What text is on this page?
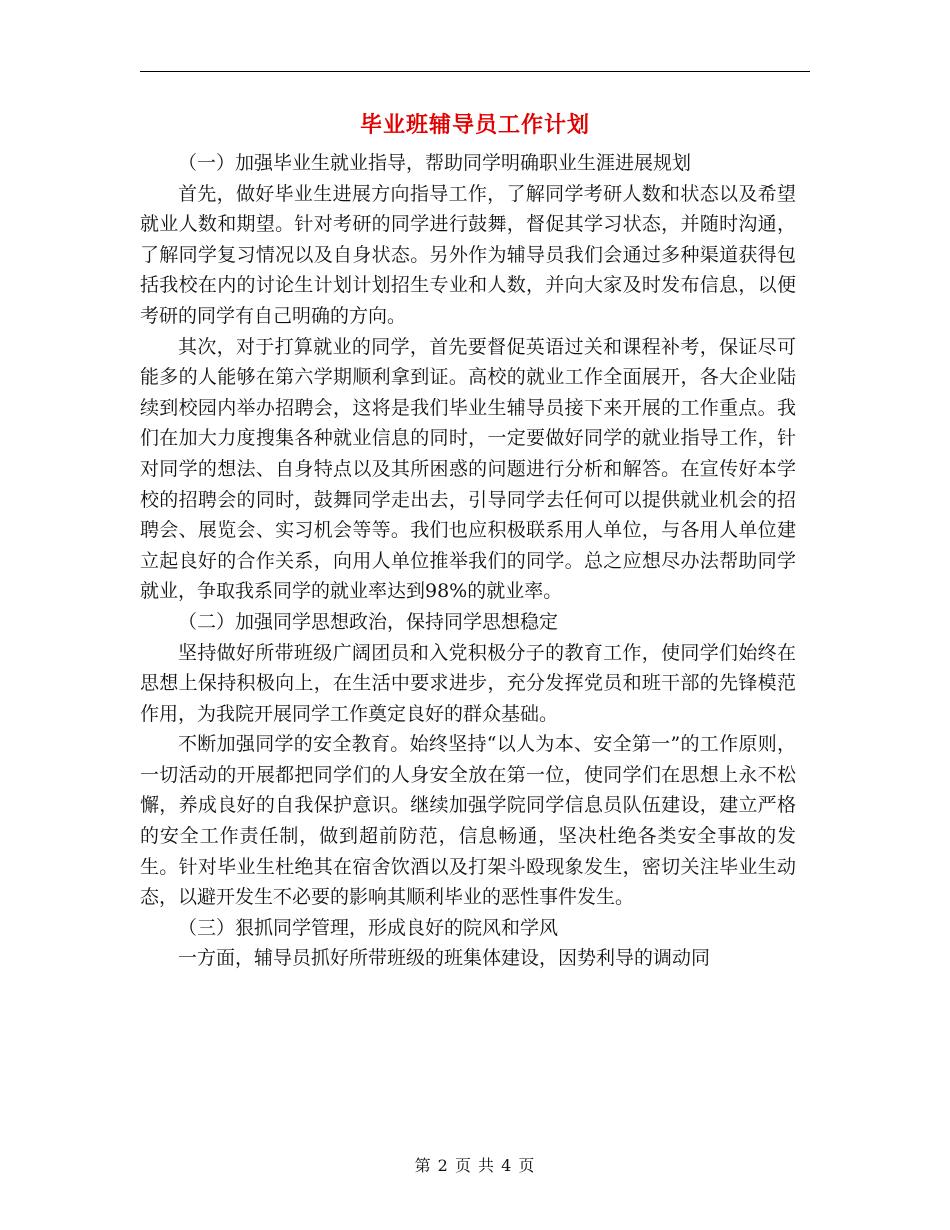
毕业班辅导员工作计划

（一）加强毕业生就业指导，帮助同学明确职业生涯进展规划

首先，做好毕业生进展方向指导工作，了解同学考研人数和状态以及希望就业人数和期望。针对考研的同学进行鼓舞，督促其学习状态，并随时沟通，了解同学复习情况以及自身状态。另外作为辅导员我们会通过多种渠道获得包括我校在内的讨论生计划计划招生专业和人数，并向大家及时发布信息，以便考研的同学有自己明确的方向。

其次，对于打算就业的同学，首先要督促英语过关和课程补考，保证尽可能多的人能够在第六学期顺利拿到证。高校的就业工作全面展开，各大企业陆续到校园内举办招聘会，这将是我们毕业生辅导员接下来开展的工作重点。我们在加大力度搜集各种就业信息的同时，一定要做好同学的就业指导工作，针对同学的想法、自身特点以及其所困惑的问题进行分析和解答。在宣传好本学校的招聘会的同时，鼓舞同学走出去，引导同学去任何可以提供就业机会的招聘会、展览会、实习机会等等。我们也应积极联系用人单位，与各用人单位建立起良好的合作关系，向用人单位推举我们的同学。总之应想尽办法帮助同学就业，争取我系同学的就业率达到98%的就业率。

（二）加强同学思想政治，保持同学思想稳定

坚持做好所带班级广阔团员和入党积极分子的教育工作，使同学们始终在思想上保持积极向上，在生活中要求进步，充分发挥党员和班干部的先锋模范作用，为我院开展同学工作奠定良好的群众基础。

不断加强同学的安全教育。始终坚持“以人为本、安全第一”的工作原则，一切活动的开展都把同学们的人身安全放在第一位，使同学们在思想上永不松懈，养成良好的自我保护意识。继续加强学院同学信息员队伍建设，建立严格的安全工作责任制，做到超前防范，信息畅通，坚决杜绝各类安全事故的发生。针对毕业生杜绝其在宿舍饮酒以及打架斗殴现象发生，密切关注毕业生动态，以避开发生不必要的影响其顺利毕业的恶性事件发生。

（三）狠抓同学管理，形成良好的院风和学风

一方面，辅导员抓好所带班级的班集体建设，因势利导的调动同

第 2 页 共 4 页
